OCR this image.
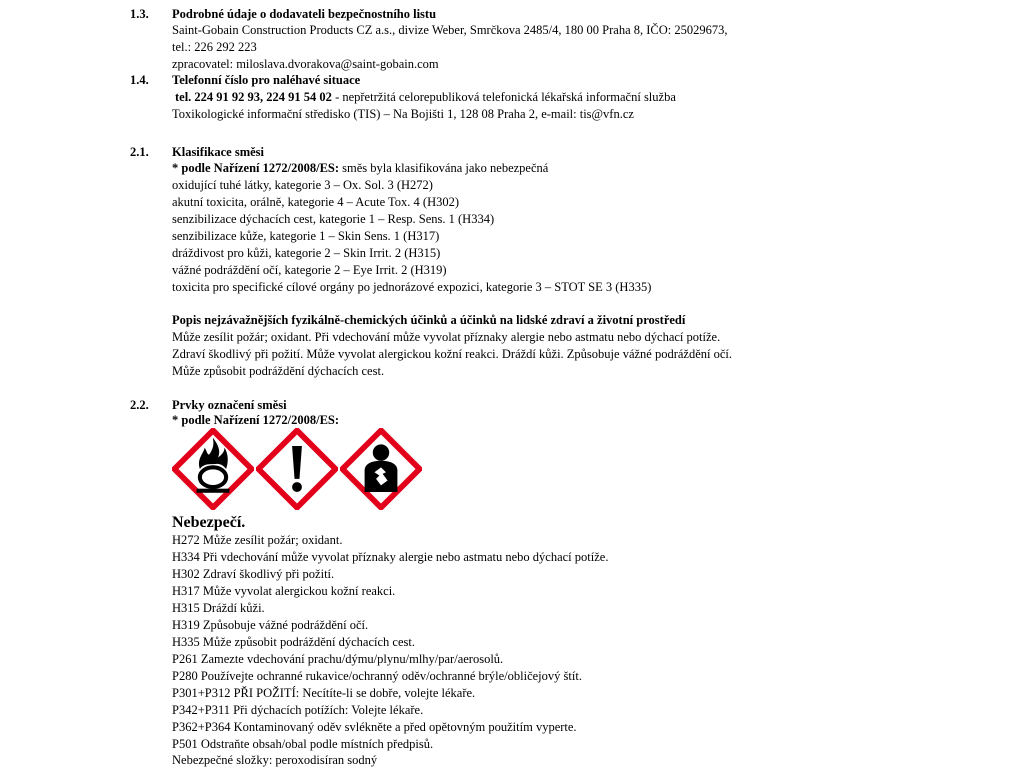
1.3. Podrobné údaje o dodavateli bezpečnostního listu
Saint-Gobain Construction Products CZ a.s., divize Weber, Smrčkova 2485/4, 180 00 Praha 8, IČO: 25029673,
tel.: 226 292 223
zpracovatel: miloslava.dvorakova@saint-gobain.com
1.4. Telefonní číslo pro naléhavé situace
tel. 224 91 92 93, 224 91 54 02 - nepřetržitá celorepubliková telefonická lékařská informační služba
Toxikologické informační středisko (TIS) – Na Bojišti 1, 128 08 Praha 2, e-mail: tis@vfn.cz
2.1. Klasifikace směsi
* podle Nařízení 1272/2008/ES: směs byla klasifikována jako nebezpečná
oxidující tuhé látky, kategorie 3 – Ox. Sol. 3 (H272)
akutní toxicita, orálně, kategorie 4 – Acute Tox. 4 (H302)
senzibilizace dýchacích cest, kategorie 1 – Resp. Sens. 1 (H334)
senzibilizace kůže, kategorie 1 – Skin Sens. 1 (H317)
dráždivost pro kůži, kategorie 2 – Skin Irrit. 2 (H315)
vážné podráždění očí, kategorie 2 – Eye Irrit. 2 (H319)
toxicita pro specifické cílové orgány po jednorázové expozici, kategorie 3 – STOT SE 3 (H335)
Popis nejzávažnějších fyzikálně-chemických účinků a účinků na lidské zdraví a životní prostředí
Může zesílit požár; oxidant. Při vdechování může vyvolat příznaky alergie nebo astmatu nebo dýchací potíže.
Zdraví škodlivý při požití. Může vyvolat alergickou kožní reakci. Dráždí kůži. Způsobuje vážné podráždění očí.
Může způsobit podráždění dýchacích cest.
2.2. Prvky označení směsi
* podle Nařízení 1272/2008/ES:
Nebezpečí.
H272 Může zesílit požár; oxidant.
H334 Při vdechování může vyvolat příznaky alergie nebo astmatu nebo dýchací potíže.
H302 Zdraví škodlivý při požití.
H317 Může vyvolat alergickou kožní reakci.
H315 Dráždí kůži.
H319 Způsobuje vážné podráždění očí.
H335 Může způsobit podráždění dýchacích cest.
P261 Zamezte vdechování prachu/dýmu/plynu/mlhy/par/aerosolů.
P280 Používejte ochranné rukavice/ochranný oděv/ochranné brýle/obličejový štít.
P301+P312 PŘI POŽITÍ: Necítíte-li se dobře, volejte lékaře.
P342+P311 Při dýchacích potížích: Volejte lékaře.
P362+P364 Kontaminovaný oděv svlékněte a před opětovným použitím vyperte.
P501 Odstraňte obsah/obal podle místních předpisů.
Nebezpečné složky: peroxodisíran sodný
